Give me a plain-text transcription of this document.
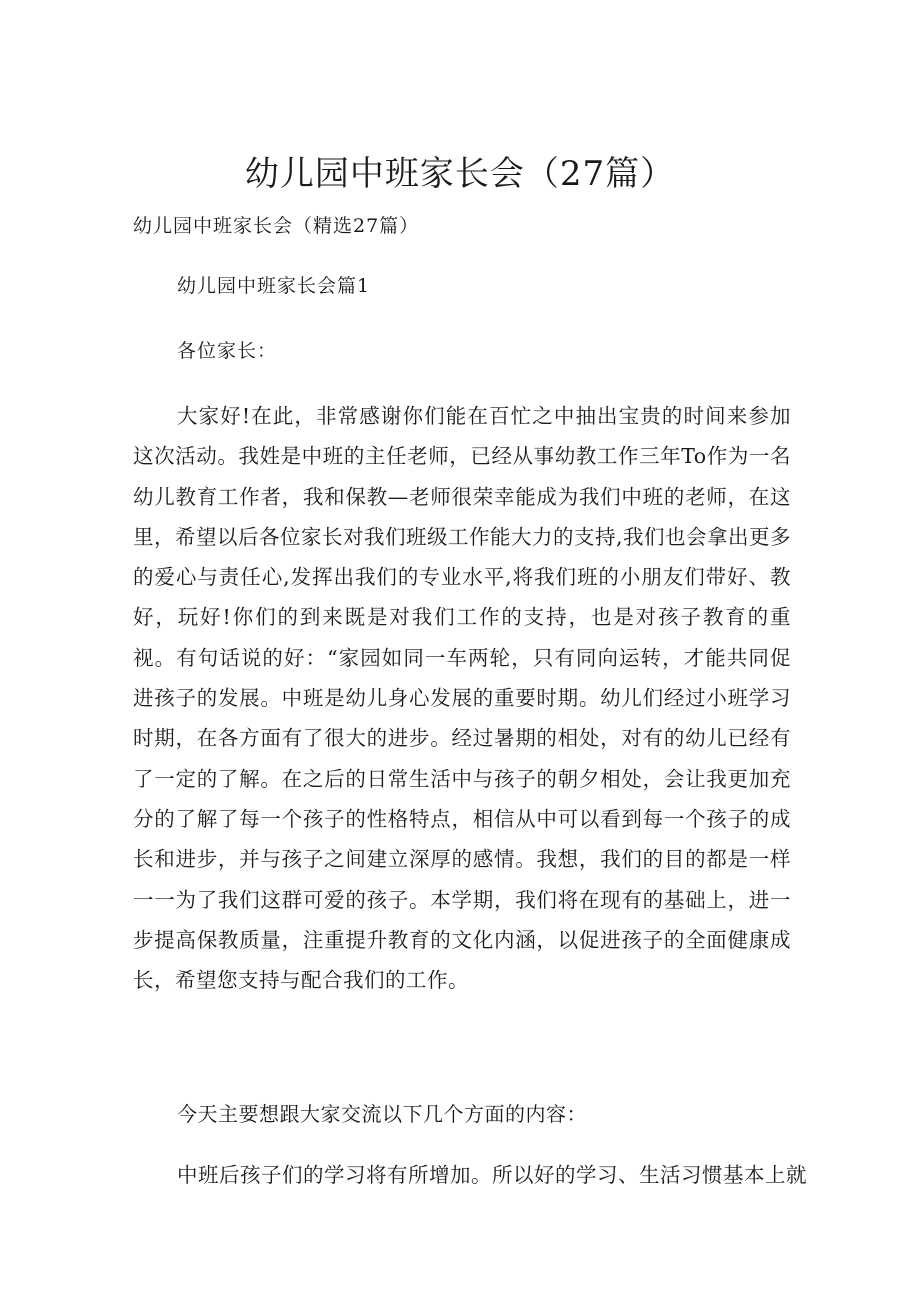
幼儿园中班家长会（27篇）

幼儿园中班家长会（精选27篇）

幼儿园中班家长会篇1

各位家长：

大家好!在此，非常感谢你们能在百忙之中抽出宝贵的时间来参加这次活动。我姓是中班的主任老师，已经从事幼教工作三年To作为一名幼儿教育工作者，我和保教—老师很荣幸能成为我们中班的老师，在这里，希望以后各位家长对我们班级工作能大力的支持,我们也会拿出更多的爱心与责任心,发挥出我们的专业水平,将我们班的小朋友们带好、教好，玩好!你们的到来既是对我们工作的支持，也是对孩子教育的重视。有句话说的好：“家园如同一车两轮，只有同向运转，才能共同促进孩子的发展。中班是幼儿身心发展的重要时期。幼儿们经过小班学习时期，在各方面有了很大的进步。经过暑期的相处，对有的幼儿已经有了一定的了解。在之后的日常生活中与孩子的朝夕相处，会让我更加充分的了解了每一个孩子的性格特点，相信从中可以看到每一个孩子的成长和进步，并与孩子之间建立深厚的感情。我想，我们的目的都是一样一一为了我们这群可爱的孩子。本学期，我们将在现有的基础上，进一步提高保教质量，注重提升教育的文化内涵，以促进孩子的全面健康成长，希望您支持与配合我们的工作。

今天主要想跟大家交流以下几个方面的内容：

中班后孩子们的学习将有所增加。所以好的学习、生活习惯基本上就
